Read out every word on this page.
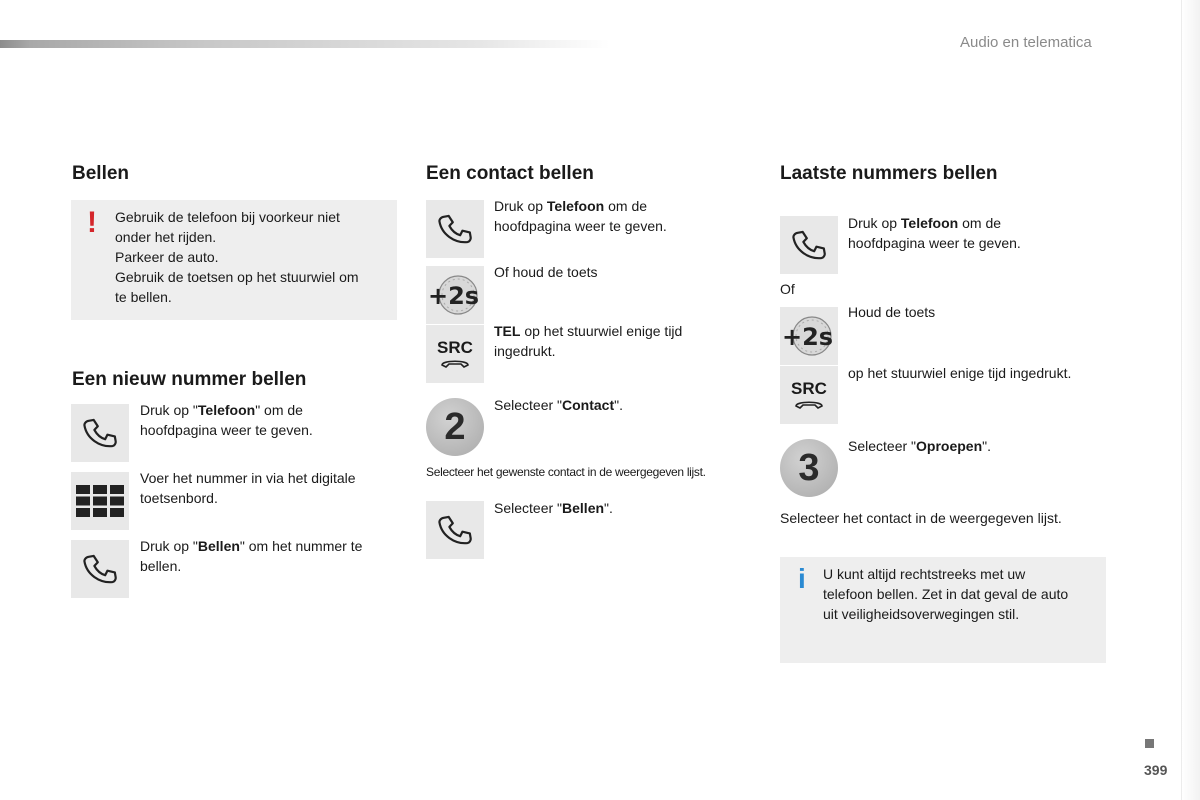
Audio en telematica
Bellen
! Gebruik de telefoon bij voorkeur niet
onder het rijden.
Parkeer de auto.
Gebruik de toetsen op het stuurwiel om
te bellen.
Een nieuw nummer bellen
Druk op "Telefoon" om de
hoofdpagina weer te geven.
Voer het nummer in via het digitale
toetsenbord.
Druk op "Bellen" om het nummer te
bellen.
Een contact bellen
Druk op Telefoon om de
hoofdpagina weer te geven.
+2s
Of houd de toets
SRC
TEL op het stuurwiel enige tijd
ingedrukt.
2
Selecteer "Contact".
Selecteer het gewenste contact in de weergegeven lijst.
Selecteer "Bellen".
Laatste nummers bellen
Druk op Telefoon om de
hoofdpagina weer te geven.
Of
+2s
Houd de toets
SRC
op het stuurwiel enige tijd ingedrukt.
3
Selecteer "Oproepen".
Selecteer het contact in de weergegeven lijst.
i U kunt altijd rechtstreeks met uw
telefoon bellen. Zet in dat geval de auto
uit veiligheidsoverwegingen stil.
399
